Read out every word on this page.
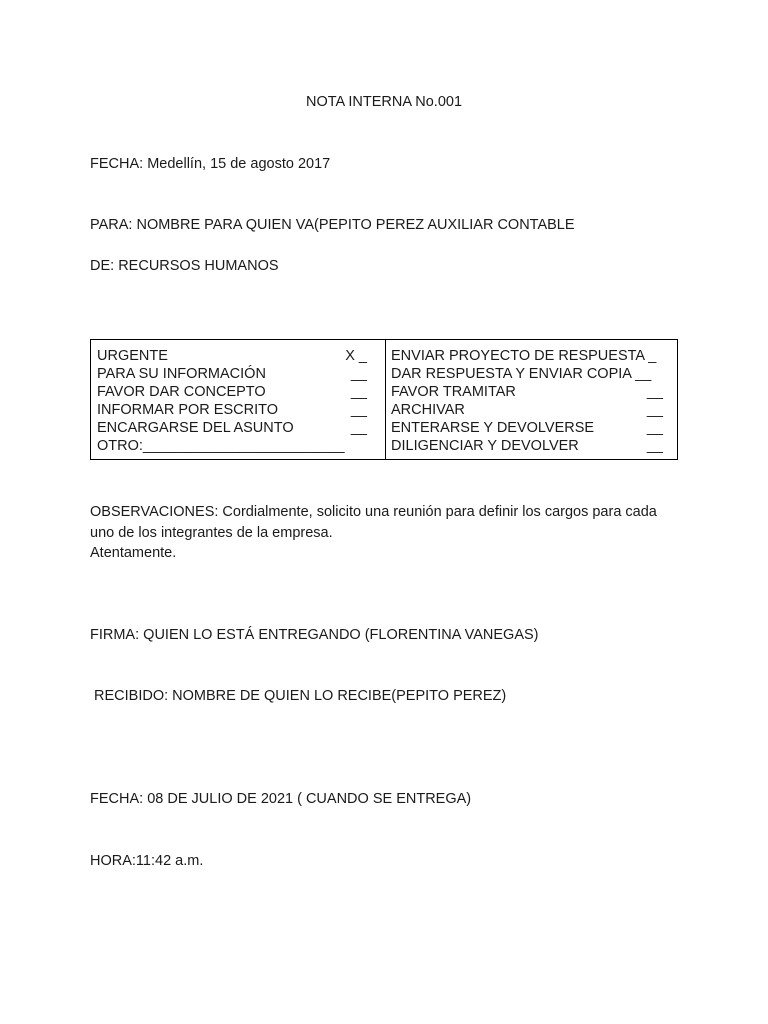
NOTA INTERNA No.001
FECHA: Medellín, 15 de agosto 2017
PARA: NOMBRE PARA QUIEN VA(PEPITO PEREZ AUXILIAR CONTABLE
DE: RECURSOS HUMANOS
URGENTE	X _
PARA SU INFORMACIÓN	__
FAVOR DAR CONCEPTO	__
INFORMAR POR ESCRITO	__
ENCARGARSE DEL ASUNTO	__
OTRO:_________________________
ENVIAR PROYECTO DE RESPUESTA _
DAR RESPUESTA Y ENVIAR COPIA __
FAVOR TRAMITAR	__
ARCHIVAR	__
ENTERARSE Y DEVOLVERSE	__
DILIGENCIAR Y DEVOLVER	__
OBSERVACIONES: Cordialmente, solicito una reunión para definir los cargos para cada uno de los integrantes de la empresa.
Atentamente.
FIRMA: QUIEN LO ESTÁ ENTREGANDO (FLORENTINA VANEGAS)
RECIBIDO: NOMBRE DE QUIEN LO RECIBE(PEPITO PEREZ)
FECHA: 08 DE JULIO DE 2021 ( CUANDO SE ENTREGA)
HORA:11:42 a.m.
